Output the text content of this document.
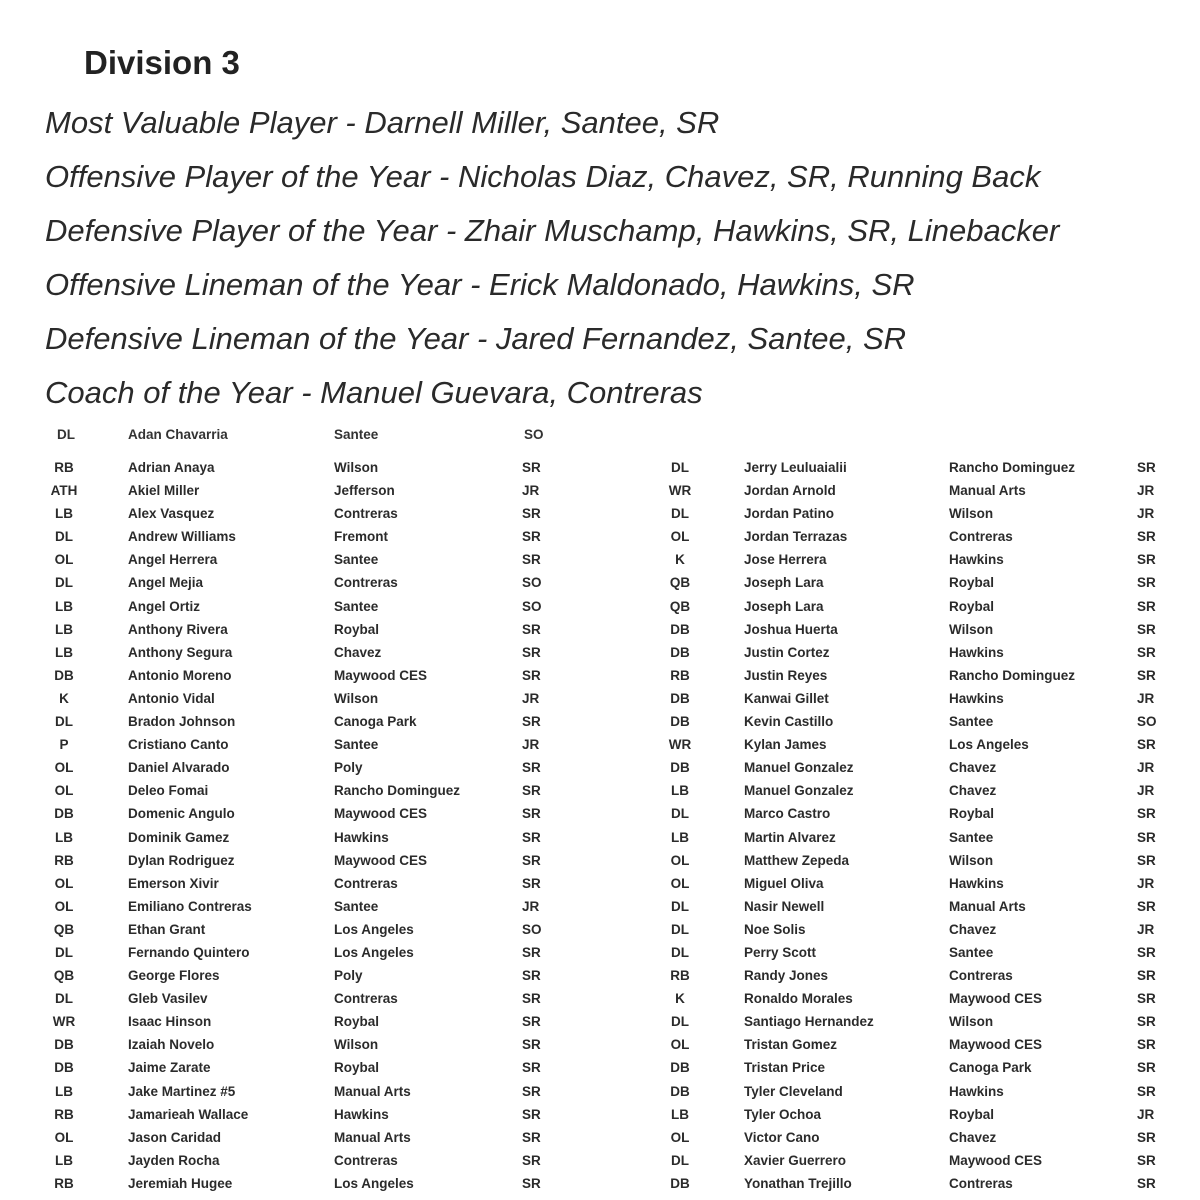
Division 3
Most Valuable Player - Darnell Miller, Santee, SR
Offensive Player of the Year - Nicholas Diaz, Chavez, SR, Running Back
Defensive Player of the Year - Zhair Muschamp, Hawkins, SR, Linebacker
Offensive Lineman of the Year - Erick Maldonado, Hawkins, SR
Defensive Lineman of the Year - Jared Fernandez, Santee, SR
Coach of the Year - Manuel Guevara, Contreras
DL	Adan Chavarria	Santee	SO
RB	Adrian Anaya	Wilson	SR
ATH	Akiel Miller	Jefferson	JR
LB	Alex Vasquez	Contreras	SR
DL	Andrew Williams	Fremont	SR
OL	Angel Herrera	Santee	SR
DL	Angel Mejia	Contreras	SO
LB	Angel Ortiz	Santee	SO
LB	Anthony Rivera	Roybal	SR
LB	Anthony Segura	Chavez	SR
DB	Antonio Moreno	Maywood CES	SR
K	Antonio Vidal	Wilson	JR
DL	Bradon Johnson	Canoga Park	SR
P	Cristiano Canto	Santee	JR
OL	Daniel Alvarado	Poly	SR
OL	Deleo Fomai	Rancho Dominguez	SR
DB	Domenic Angulo	Maywood CES	SR
LB	Dominik Gamez	Hawkins	SR
RB	Dylan Rodriguez	Maywood CES	SR
OL	Emerson Xivir	Contreras	SR
OL	Emiliano Contreras	Santee	JR
QB	Ethan Grant	Los Angeles	SO
DL	Fernando Quintero	Los Angeles	SR
QB	George Flores	Poly	SR
DL	Gleb Vasilev	Contreras	SR
WR	Isaac Hinson	Roybal	SR
DB	Izaiah Novelo	Wilson	SR
DB	Jaime Zarate	Roybal	SR
LB	Jake Martinez #5	Manual Arts	SR
RB	Jamarieah Wallace	Hawkins	SR
OL	Jason Caridad	Manual Arts	SR
LB	Jayden Rocha	Contreras	SR
RB	Jeremiah Hugee	Los Angeles	SR
DL	Jerry Leuluaialii	Rancho Dominguez	SR
WR	Jordan Arnold	Manual Arts	JR
DL	Jordan Patino	Wilson	JR
OL	Jordan Terrazas	Contreras	SR
K	Jose Herrera	Hawkins	SR
QB	Joseph Lara	Roybal	SR
QB	Joseph Lara	Roybal	SR
DB	Joshua Huerta	Wilson	SR
DB	Justin Cortez	Hawkins	SR
RB	Justin Reyes	Rancho Dominguez	SR
DB	Kanwai Gillet	Hawkins	JR
DB	Kevin Castillo	Santee	SO
WR	Kylan James	Los Angeles	SR
DB	Manuel Gonzalez	Chavez	JR
LB	Manuel Gonzalez	Chavez	JR
DL	Marco Castro	Roybal	SR
LB	Martin Alvarez	Santee	SR
OL	Matthew Zepeda	Wilson	SR
OL	Miguel Oliva	Hawkins	JR
DL	Nasir Newell	Manual Arts	SR
DL	Noe Solis	Chavez	JR
DL	Perry Scott	Santee	SR
RB	Randy Jones	Contreras	SR
K	Ronaldo Morales	Maywood CES	SR
DL	Santiago Hernandez	Wilson	SR
OL	Tristan Gomez	Maywood CES	SR
DB	Tristan Price	Canoga Park	SR
DB	Tyler Cleveland	Hawkins	SR
LB	Tyler Ochoa	Roybal	JR
OL	Victor Cano	Chavez	SR
DL	Xavier Guerrero	Maywood CES	SR
DB	Yonathan Trejillo	Contreras	SR
